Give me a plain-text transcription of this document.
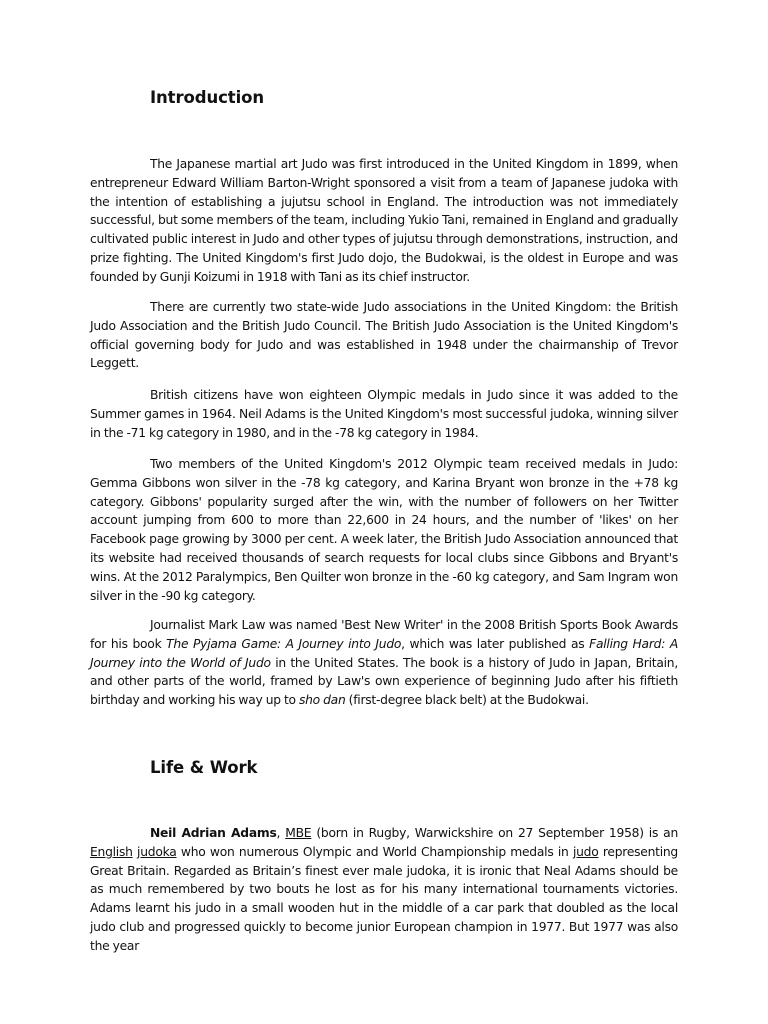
Introduction

The Japanese martial art Judo was first introduced in the United Kingdom in 1899, when entrepreneur Edward William Barton-Wright sponsored a visit from a team of Japanese judoka with the intention of establishing a jujutsu school in England. The introduction was not immediately successful, but some members of the team, including Yukio Tani, remained in England and gradually cultivated public interest in Judo and other types of jujutsu through demonstrations, instruction, and prize fighting. The United Kingdom's first Judo dojo, the Budokwai, is the oldest in Europe and was founded by Gunji Koizumi in 1918 with Tani as its chief instructor.

There are currently two state-wide Judo associations in the United Kingdom: the British Judo Association and the British Judo Council. The British Judo Association is the United Kingdom's official governing body for Judo and was established in 1948 under the chairmanship of Trevor Leggett.

British citizens have won eighteen Olympic medals in Judo since it was added to the Summer games in 1964. Neil Adams is the United Kingdom's most successful judoka, winning silver in the -71 kg category in 1980, and in the -78 kg category in 1984.

Two members of the United Kingdom's 2012 Olympic team received medals in Judo: Gemma Gibbons won silver in the -78 kg category, and Karina Bryant won bronze in the +78 kg category. Gibbons' popularity surged after the win, with the number of followers on her Twitter account jumping from 600 to more than 22,600 in 24 hours, and the number of 'likes' on her Facebook page growing by 3000 per cent. A week later, the British Judo Association announced that its website had received thousands of search requests for local clubs since Gibbons and Bryant's wins. At the 2012 Paralympics, Ben Quilter won bronze in the -60 kg category, and Sam Ingram won silver in the -90 kg category.

Journalist Mark Law was named 'Best New Writer' in the 2008 British Sports Book Awards for his book The Pyjama Game: A Journey into Judo, which was later published as Falling Hard: A Journey into the World of Judo in the United States. The book is a history of Judo in Japan, Britain, and other parts of the world, framed by Law's own experience of beginning Judo after his fiftieth birthday and working his way up to sho dan (first-degree black belt) at the Budokwai.

Life & Work

Neil Adrian Adams, MBE (born in Rugby, Warwickshire on 27 September 1958) is an English judoka who won numerous Olympic and World Championship medals in judo representing Great Britain. Regarded as Britain’s finest ever male judoka, it is ironic that Neal Adams should be as much remembered by two bouts he lost as for his many international tournaments victories. Adams learnt his judo in a small wooden hut in the middle of a car park that doubled as the local judo club and progressed quickly to become junior European champion in 1977. But 1977 was also the year
